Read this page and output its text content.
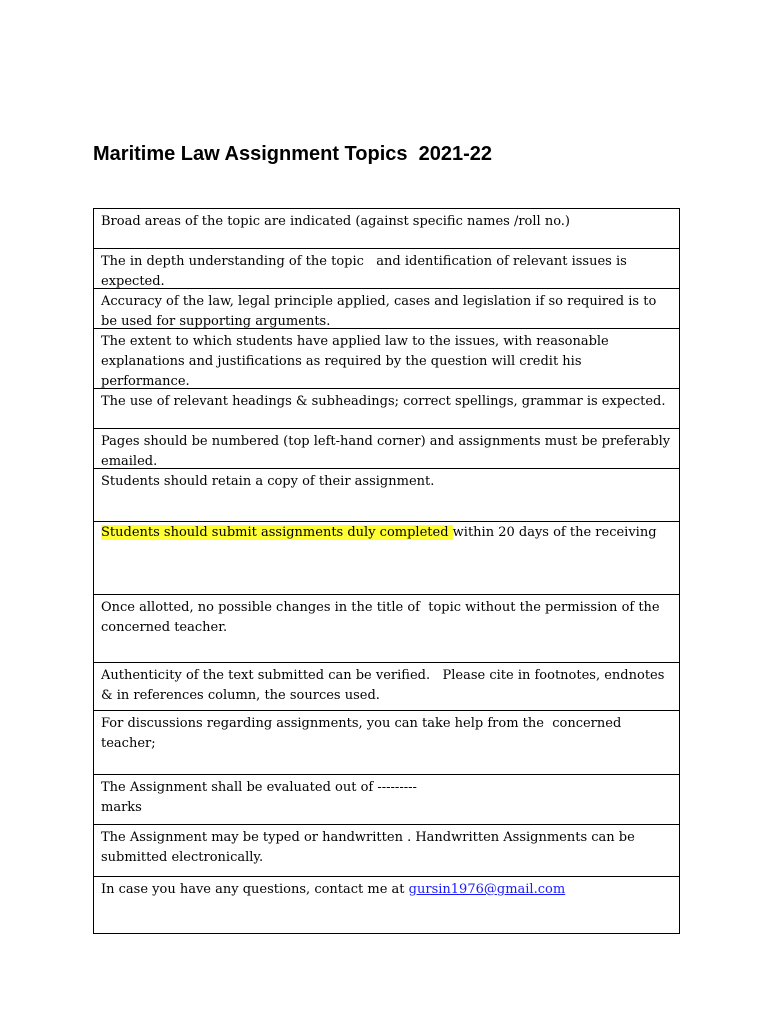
Maritime Law Assignment Topics  2021-22
Broad areas of the topic are indicated (against specific names /roll no.)
The in depth understanding of the topic   and identification of relevant issues is expected.
Accuracy of the law, legal principle applied, cases and legislation if so required is to be used for supporting arguments.
The extent to which students have applied law to the issues, with reasonable explanations and justifications as required by the question will credit his performance.
The use of relevant headings & subheadings; correct spellings, grammar is expected.
Pages should be numbered (top left-hand corner) and assignments must be preferably emailed.
Students should retain a copy of their assignment.
Students should submit assignments duly completed within 20 days of the receiving
Once allotted, no possible changes in the title of  topic without the permission of the concerned teacher.
Authenticity of the text submitted can be verified.   Please cite in footnotes, endnotes & in references column, the sources used.
For discussions regarding assignments, you can take help from the  concerned teacher;
The Assignment shall be evaluated out of ---------
marks
The Assignment may be typed or handwritten . Handwritten Assignments can be submitted electronically.
In case you have any questions, contact me at gursin1976@gmail.com
